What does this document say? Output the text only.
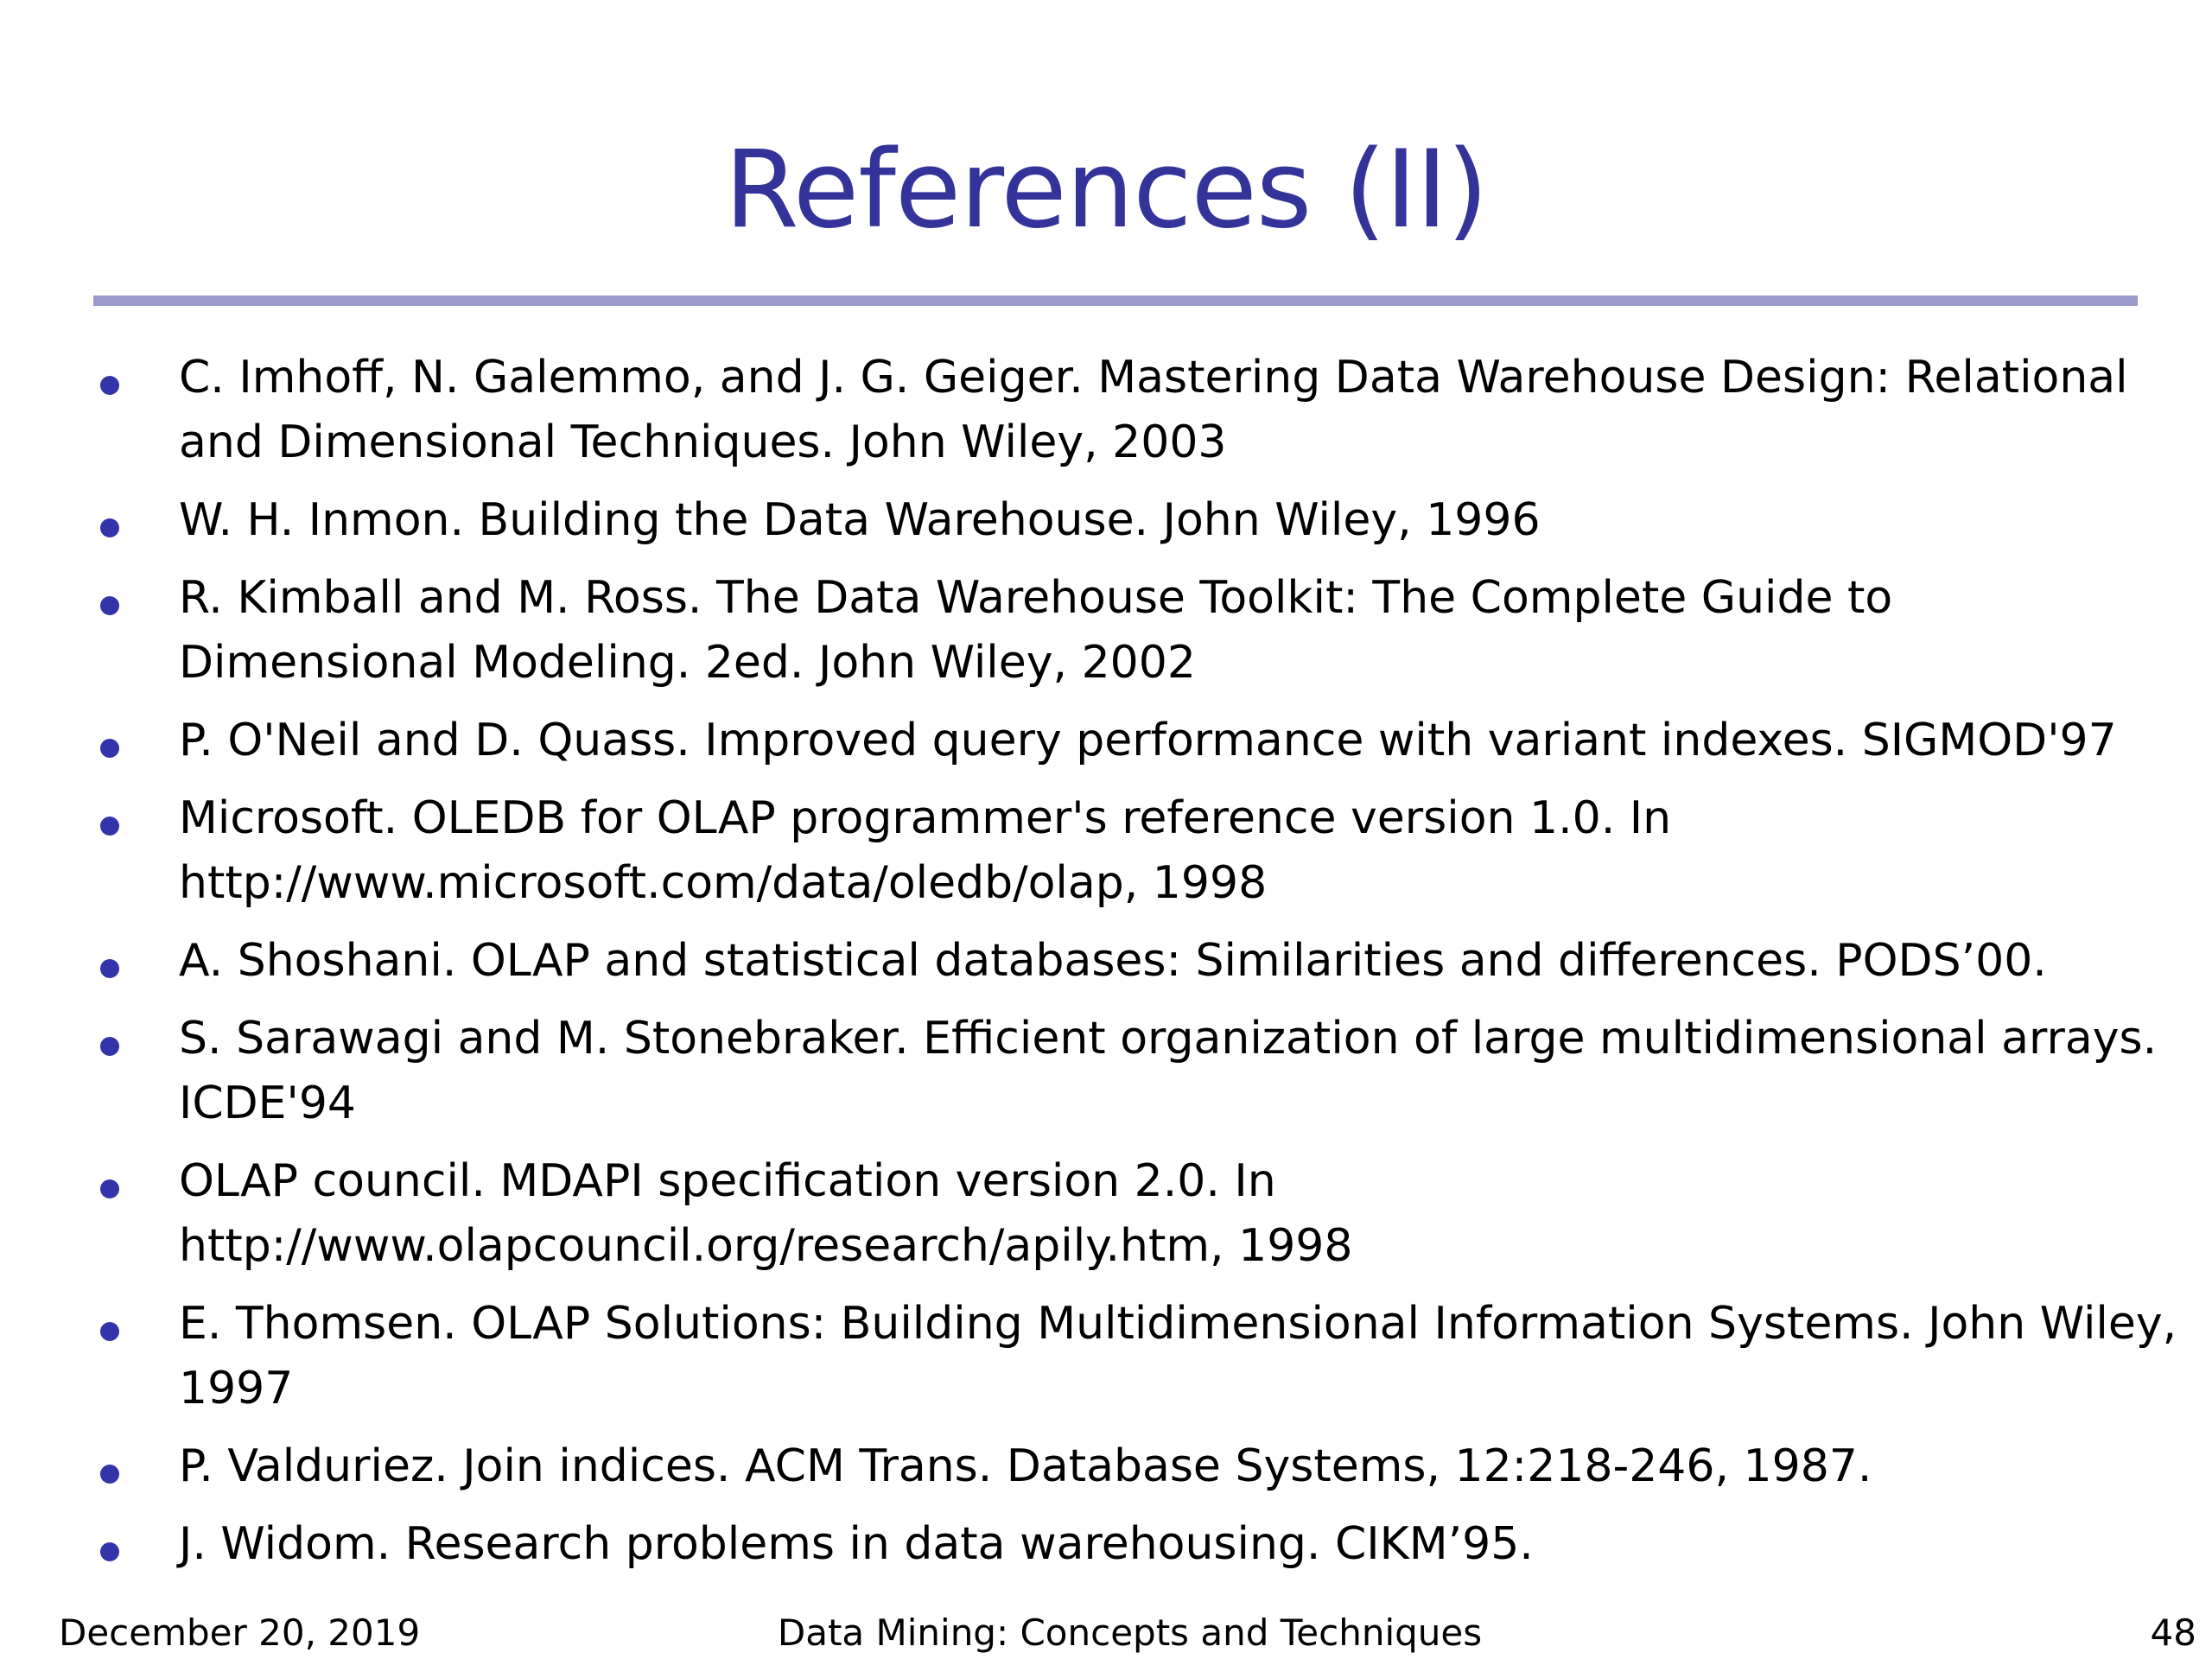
References (II)
C. Imhoff, N. Galemmo, and J. G. Geiger. Mastering Data Warehouse Design: Relational and Dimensional Techniques. John Wiley, 2003
W. H. Inmon. Building the Data Warehouse. John Wiley, 1996
R. Kimball and M. Ross. The Data Warehouse Toolkit: The Complete Guide to Dimensional Modeling. 2ed. John Wiley, 2002
P. O'Neil and D. Quass. Improved query performance with variant indexes. SIGMOD'97
Microsoft. OLEDB for OLAP programmer's reference version 1.0. In http://www.microsoft.com/data/oledb/olap, 1998
A. Shoshani. OLAP and statistical databases: Similarities and differences. PODS’00.
S. Sarawagi and M. Stonebraker. Efficient organization of large multidimensional arrays. ICDE'94
OLAP council. MDAPI specification version 2.0. In http://www.olapcouncil.org/research/apily.htm, 1998
E. Thomsen. OLAP Solutions: Building Multidimensional Information Systems. John Wiley, 1997
P. Valduriez. Join indices. ACM Trans. Database Systems, 12:218-246, 1987.
J. Widom. Research problems in data warehousing. CIKM’95.
December 20, 2019	Data Mining: Concepts and Techniques	48
